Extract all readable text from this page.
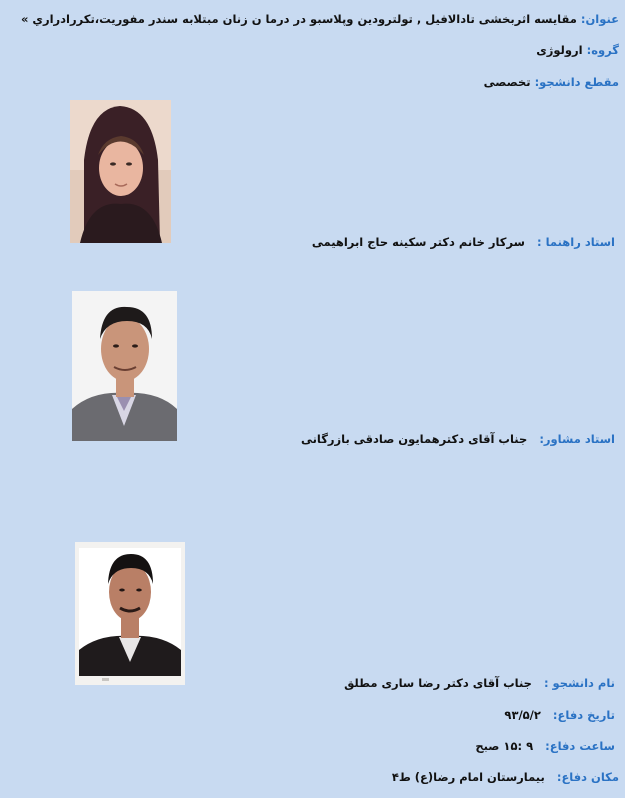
عنوان: مقایسه اثربخشی تادالافیل , تولترودین وپلاسبو در درما ن زنان مبتلابه سندر مفوریت،تکررادراري »
گروه: ارولوژی
مقطع دانشجو: تخصصی
استاد راهنما :   سرکار خانم دکتر سکینه حاج ابراهیمی
استاد مشاور:   جناب آقای دکترهمایون صادقی بازرگانی
نام دانشجو :   جناب آقای دکتر رضا ساری مطلق
تاریخ دفاع:   ۹۳/۵/۲
ساعت دفاع:   ۹ :۱۵ صبح
مکان دفاع:   بیمارستان امام رضا(ع) ط۴
